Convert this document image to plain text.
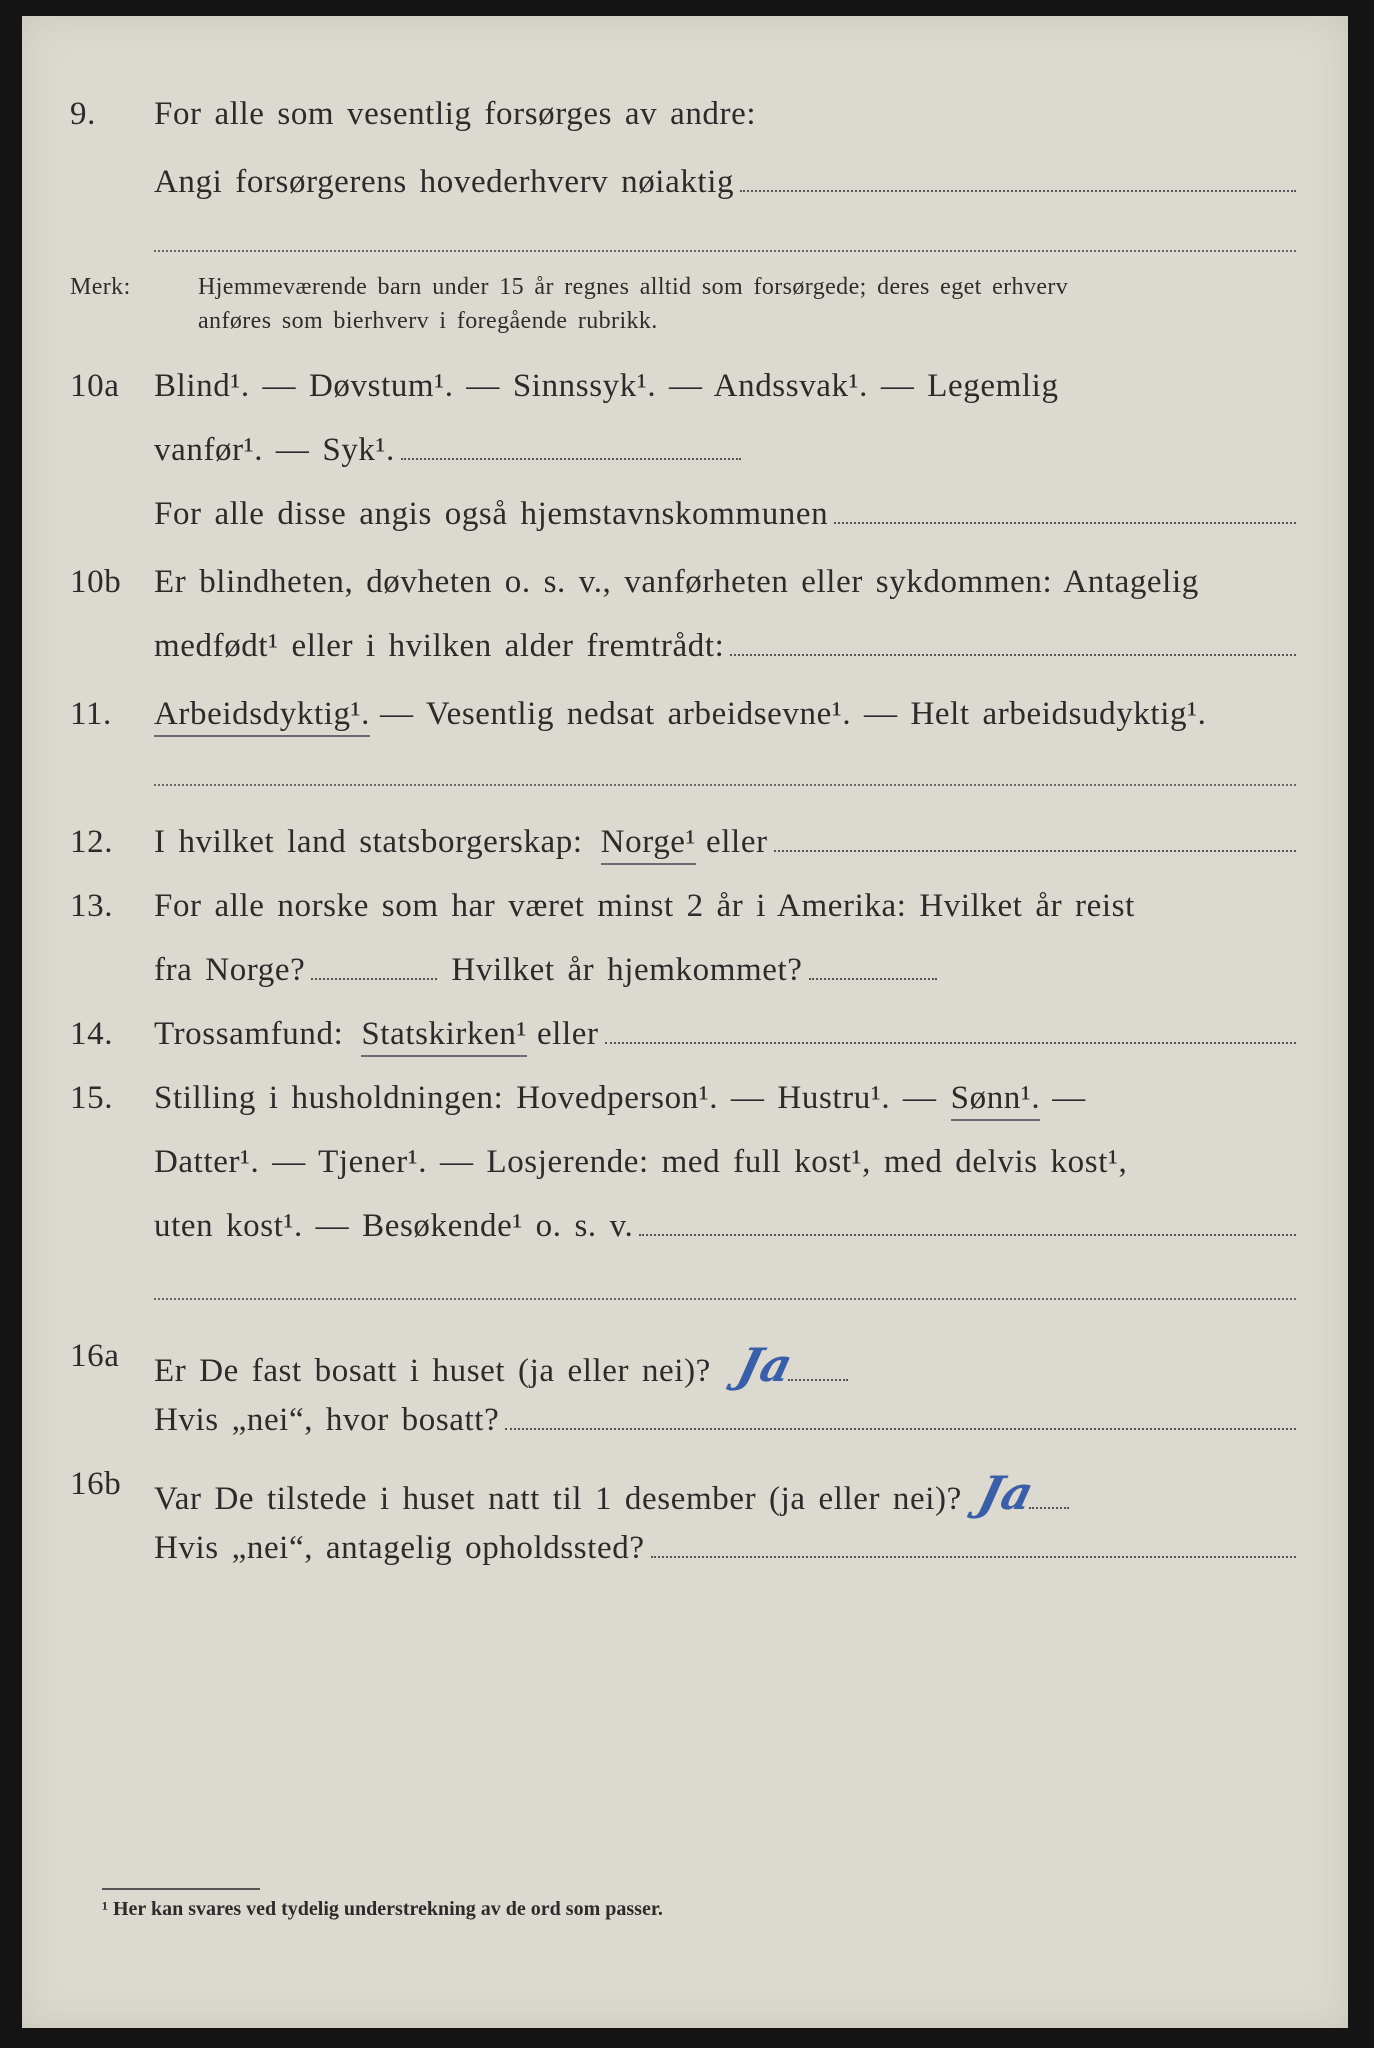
9. For alle som vesentlig forsørges av andre:
Angi forsørgerens hovederhverv nøiaktig
Merk:	Hjemmeværende barn under 15 år regnes alltid som forsørgede; deres eget erhverv
anføres som bierhverv i foregående rubrikk.
10a Blind¹. — Døvstum¹. — Sinnssyk¹. — Andssvak¹. — Legemlig
vanfør¹. — Syk¹.
For alle disse angis også hjemstavnskommunen
10b Er blindheten, døvheten o. s. v., vanførheten eller sykdommen: Antagelig
medfødt¹ eller i hvilken alder fremtrådt:
11. Arbeidsdyktig¹. — Vesentlig nedsat arbeidsevne¹. — Helt arbeidsudyktig¹.
12. I hvilket land statsborgerskap: Norge¹ eller
13. For alle norske som har været minst 2 år i Amerika: Hvilket år reist
fra Norge?	Hvilket år hjemkommet?
14. Trossamfund: Statskirken¹ eller
15. Stilling i husholdningen: Hovedperson¹. — Hustru¹. — Sønn¹. —
Datter¹. — Tjener¹. — Losjerende: med full kost¹, med delvis kost¹,
uten kost¹. — Besøkende¹ o. s. v.
16a Er De fast bosatt i huset (ja eller nei)? Ja
Hvis „nei“, hvor bosatt?
16b Var De tilstede i huset natt til 1 desember (ja eller nei)? Ja
Hvis „nei“, antagelig opholdssted?
¹ Her kan svares ved tydelig understrekning av de ord som passer.
